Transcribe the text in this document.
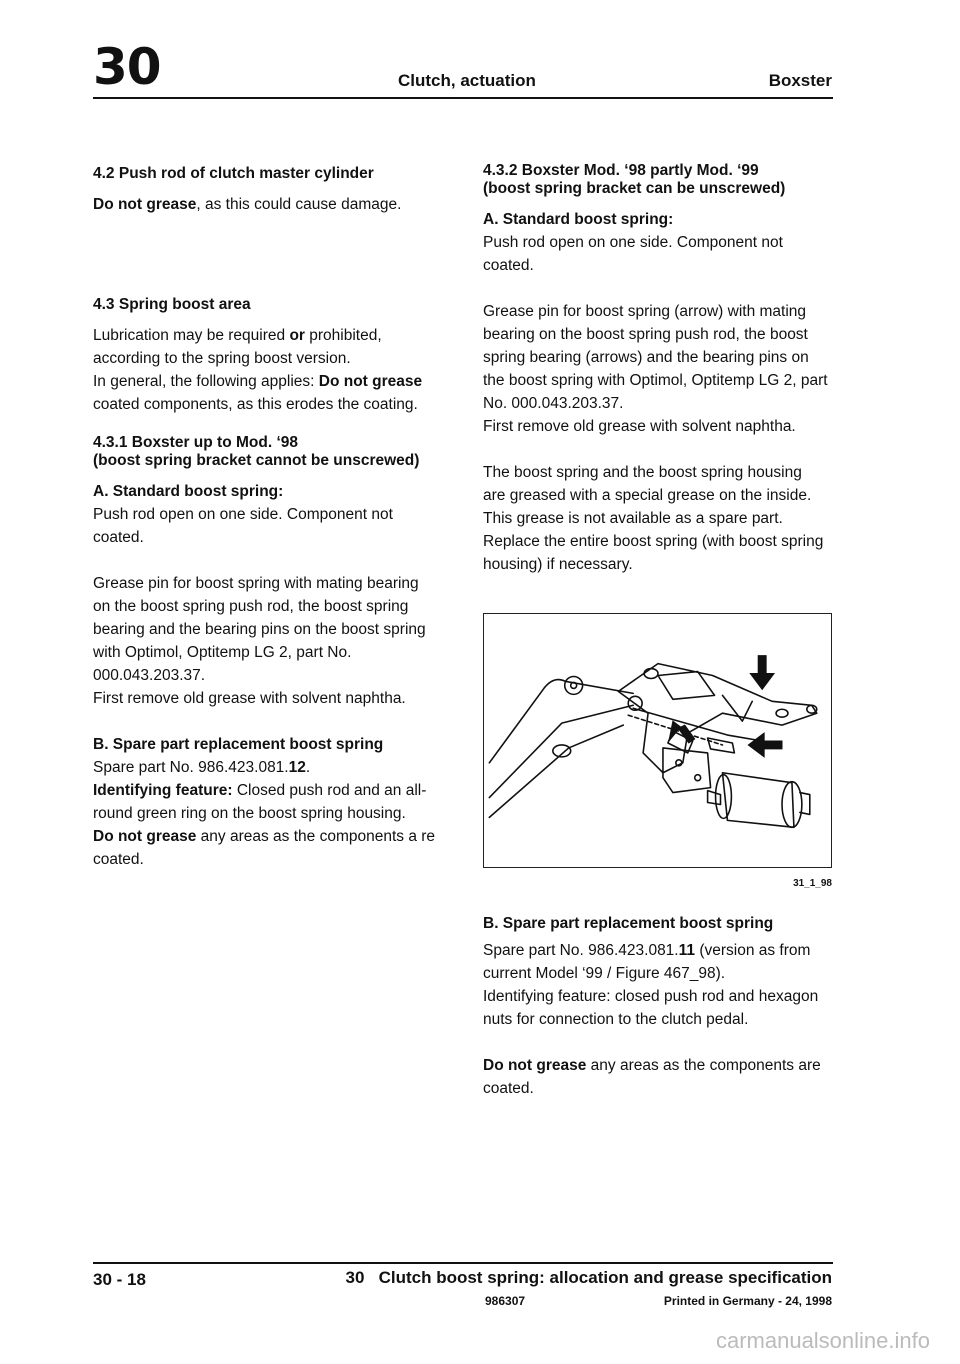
30	Clutch, actuation	Boxster

4.2 Push rod of clutch master cylinder

Do not grease, as this could cause damage.

4.3 Spring boost area

Lubrication may be required or prohibited, according to the spring boost version.

In general, the following applies: Do not grease coated components, as this erodes the coating.

4.3.1 Boxster up to Mod. ‘98
(boost spring bracket cannot be unscrewed)

A. Standard boost spring:

Push rod open on one side. Component not coated.

Grease pin for boost spring with mating bearing on the boost spring push rod, the boost spring bearing and the bearing pins on the boost spring with Optimol, Optitemp LG 2, part No. 000.043.203.37.

First remove old grease with solvent naphtha.

B. Spare part replacement boost spring

Spare part No. 986.423.081.12.

Identifying feature: Closed push rod and an all-round green ring on the boost spring housing.

Do not grease any areas as the components a re coated.

4.3.2 Boxster Mod. ‘98 partly Mod. ‘99
(boost spring bracket can be unscrewed)

A. Standard boost spring:

Push rod open on one side. Component not coated.

Grease pin for boost spring (arrow) with mating bearing on the boost spring push rod, the boost spring bearing (arrows) and the bearing pins on the boost spring with Optimol, Optitemp LG 2, part No. 000.043.203.37.

First remove old grease with solvent naphtha.

The boost spring and the boost spring housing are greased with a special grease on the inside. This grease is not available as a spare part. Replace the entire boost spring (with boost spring housing) if necessary.

31_1_98

B. Spare part replacement boost spring

Spare part No. 986.423.081.11 (version as from current Model ‘99 / Figure 467_98).

Identifying feature: closed push rod and hexagon nuts for connection to the clutch pedal.

Do not grease any areas as the components are coated.

30 - 18	30   Clutch boost spring: allocation and grease specification
986307	Printed in Germany - 24, 1998
carmanualsonline.info
